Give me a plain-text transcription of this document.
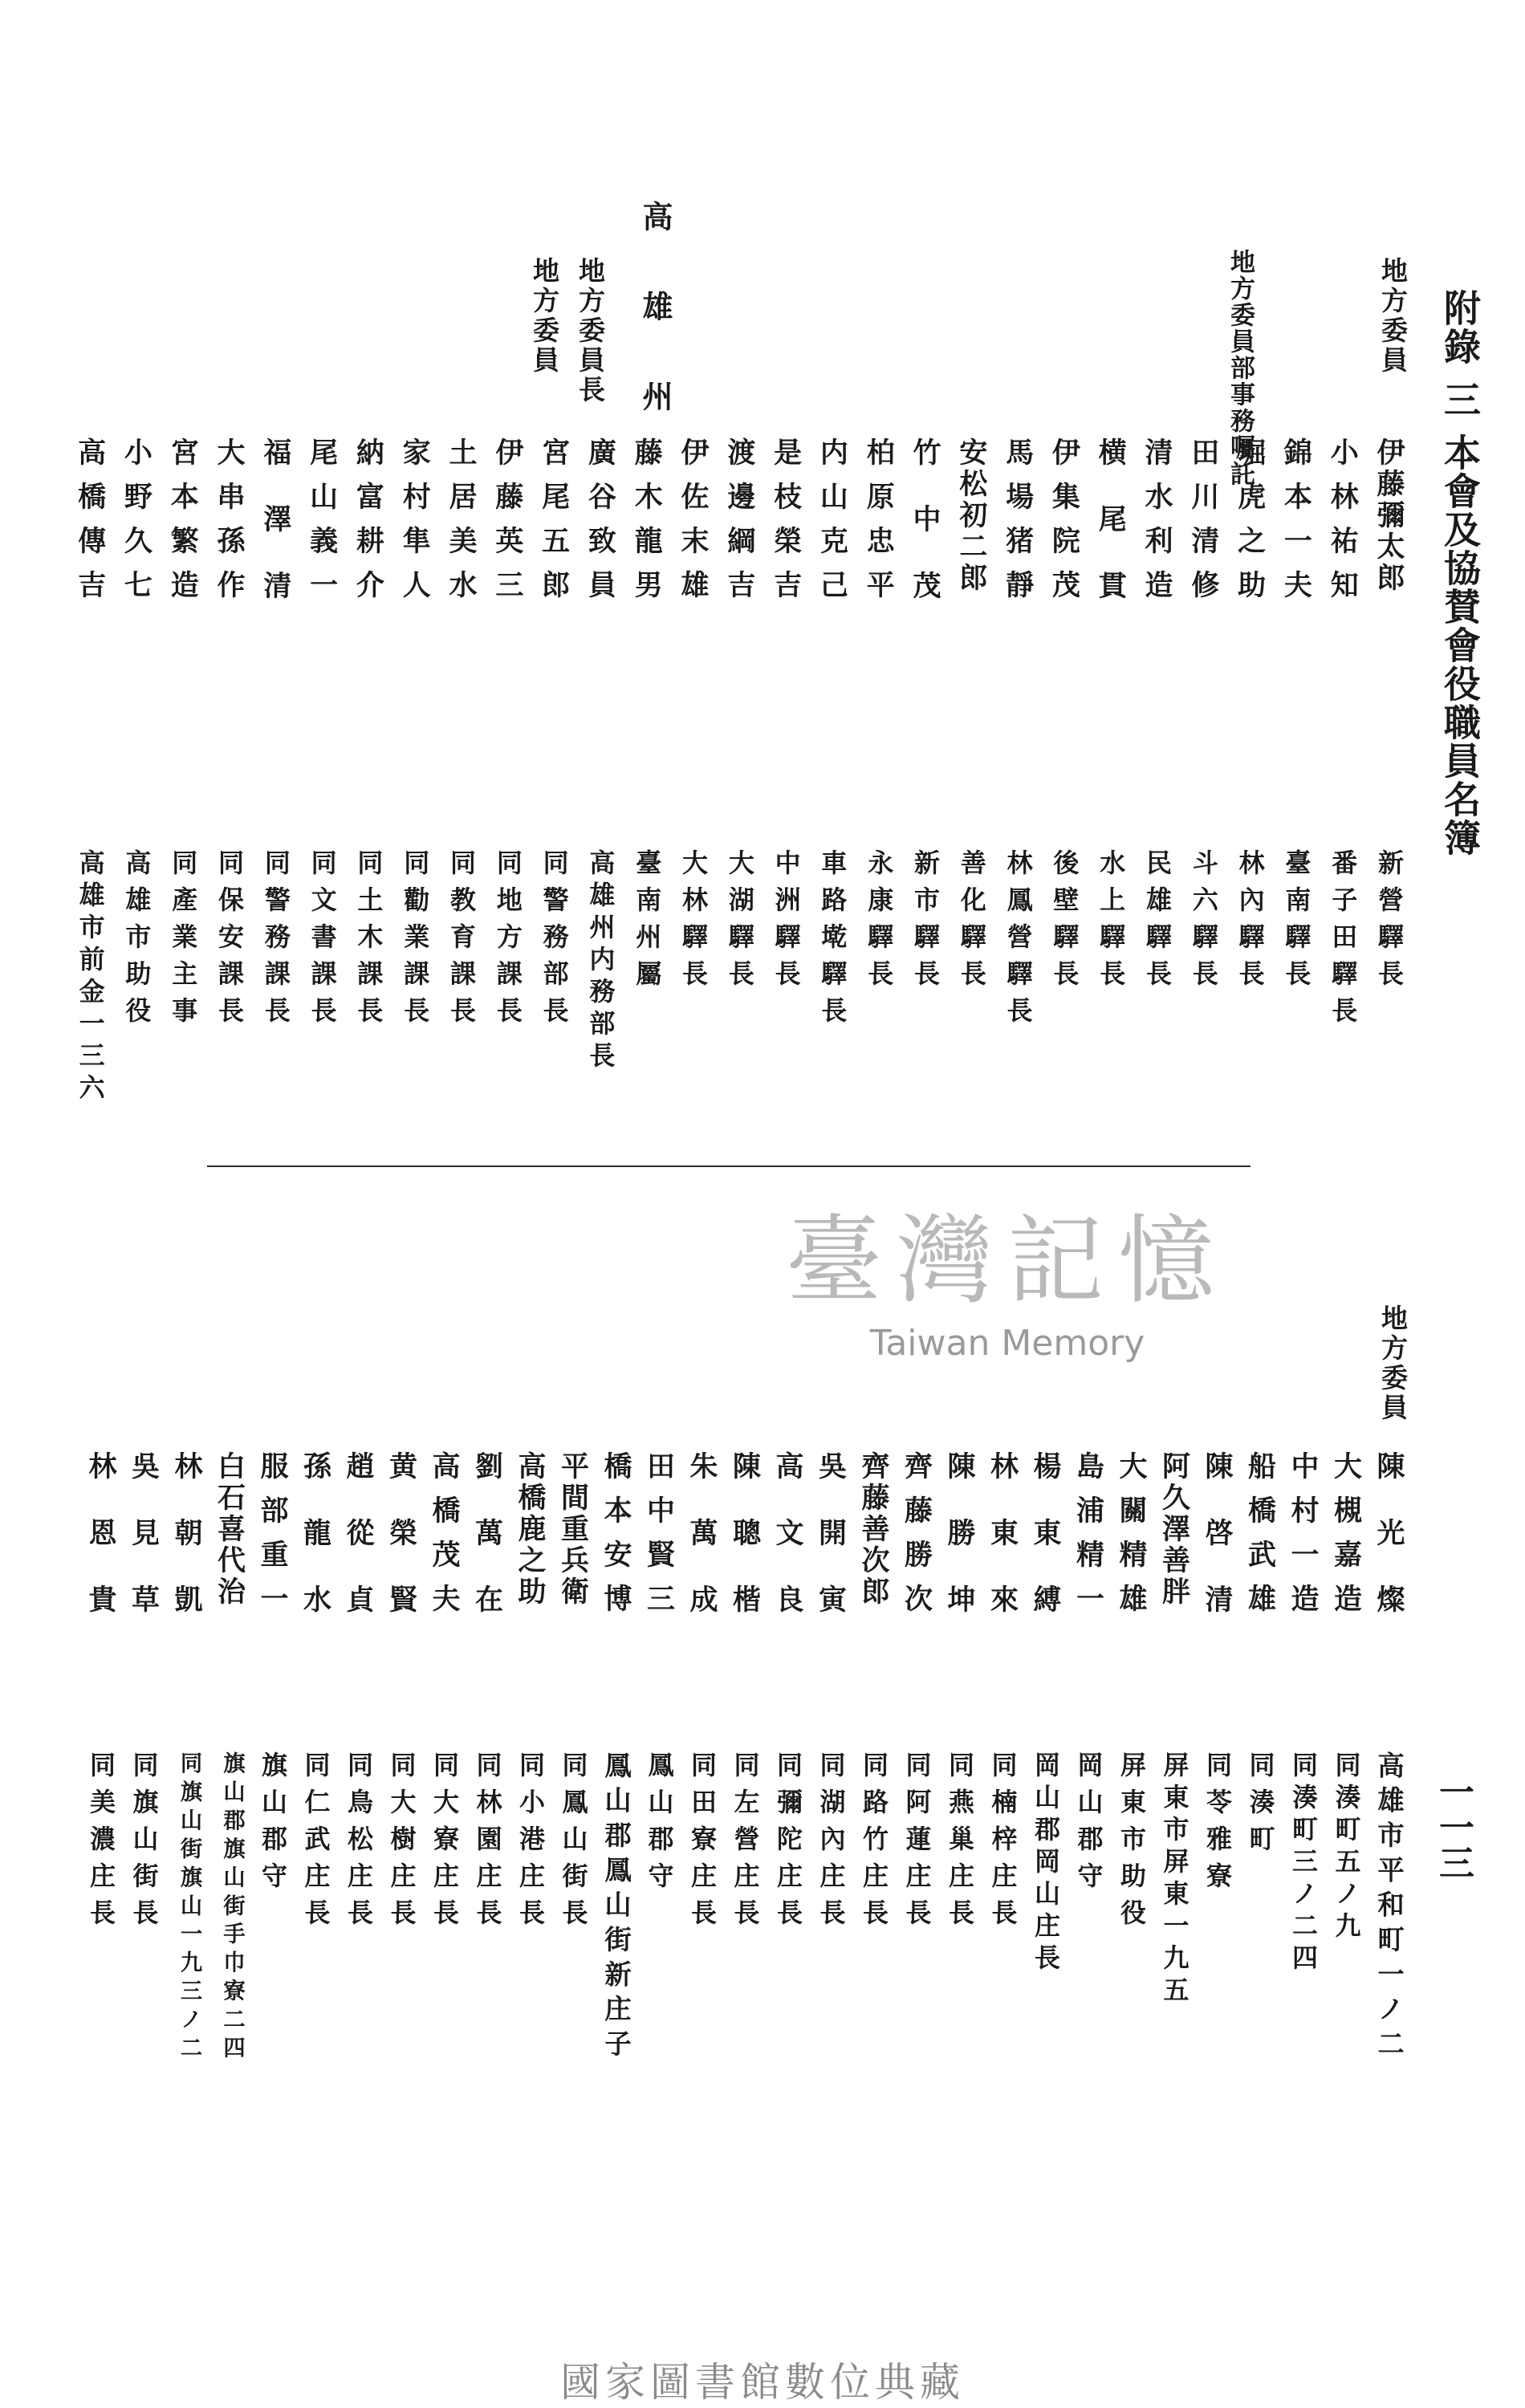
附錄 三 本會及協賛會役職員名簿
一一三
地方委員
地方委員部事務囑託
高　雄　州
地方委員長
地方委員
伊藤彌太郎
新營驛長
小林祐知
番子田驛長
錦本一夫
臺南驛長
堀虎之助
林內驛長
田川清修
斗六驛長
清水利造
民雄驛長
横尾貫
水上驛長
伊集院茂
後壁驛長
馬場猪靜
林鳳營驛長
安松初二郎
善化驛長
竹中茂
新市驛長
柏原忠平
永康驛長
内山克己
車路墘驛長
是枝榮吉
中洲驛長
渡邊綱吉
大湖驛長
伊佐末雄
大林驛長
藤木龍男
臺南州屬
廣谷致員
高雄州内務部長
宮尾五郎
同警務部長
伊藤英三
同地方課長
土居美水
同教育課長
家村隼人
同勸業課長
納富耕介
同土木課長
尾山義一
同文書課長
福澤清
同警務課長
大串孫作
同保安課長
宮本繁造
同產業主事
小野久七
高雄市助役
高橋傳吉
高雄市前金一三六
臺灣記憶
Taiwan Memory	地方委員
陳光燦
高雄市平和町一ノ二
大槻嘉造
同湊町五ノ九
中村一造
同湊町三ノ二四
船橋武雄
同湊町
陳啓清
同苓雅寮
阿久澤善胖
屏東市屏東一九五
大關精雄
屏東市助役
島浦精一
岡山郡守
楊東縛
岡山郡岡山庄長
林東來
同楠梓庄長
陳勝坤
同燕巢庄長
齊藤勝次
同阿蓮庄長
齊藤善次郎
同路竹庄長
吳開寅
同湖內庄長
高文良
同彌陀庄長
陳聰楷
同左營庄長
朱萬成
同田寮庄長
田中賢三
鳳山郡守
橋本安博
鳳山郡鳳山街新庄子
平間重兵衛
同鳳山街長
高橋鹿之助
同小港庄長
劉萬在
同林園庄長
高橋茂夫
同大寮庄長
黄榮賢
同大樹庄長
趙從貞
同鳥松庄長
孫龍水
同仁武庄長
服部重一
旗山郡守
白石喜代治
旗山郡旗山街手巾寮二四
林朝凱
同旗山街旗山一九三ノ二
吳見草
同旗山街長
林恩貴
同美濃庄長
國家圖書館數位典藏
